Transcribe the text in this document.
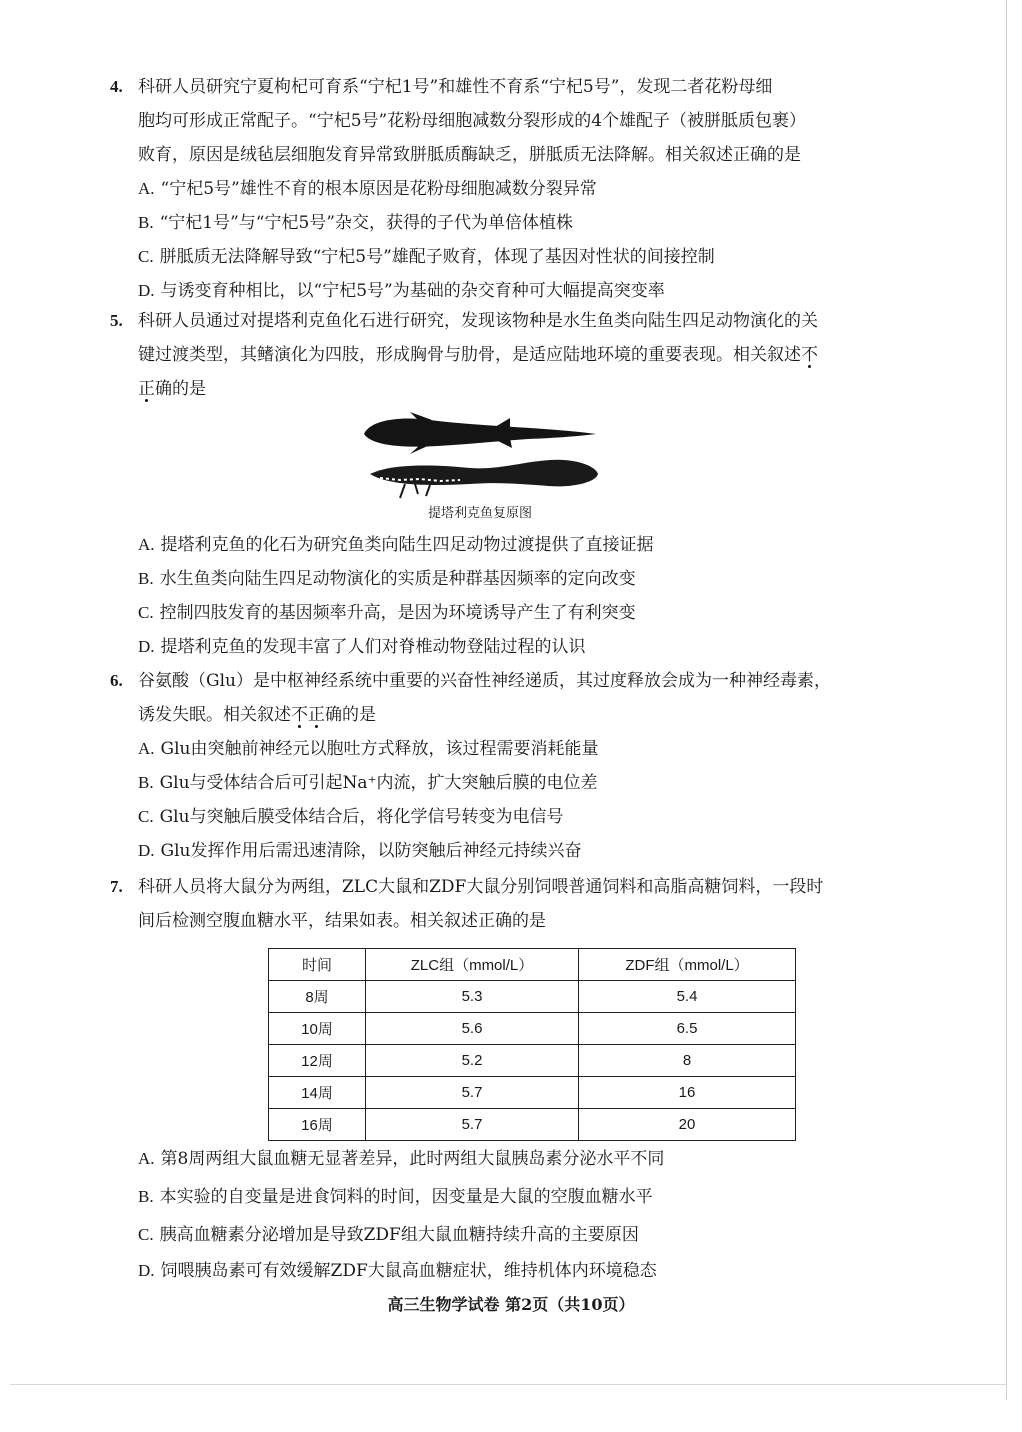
4. 科研人员研究宁夏枸杞可育系“宁杞1号”和雄性不育系“宁杞5号”，发现二者花粉母细
胞均可形成正常配子。“宁杞5号”花粉母细胞减数分裂形成的4个雄配子（被胼胝质包裹）
败育，原因是绒毡层细胞发育异常致胼胝质酶缺乏，胼胝质无法降解。相关叙述正确的是
A. “宁杞5号”雄性不育的根本原因是花粉母细胞减数分裂异常
B. “宁杞1号”与“宁杞5号”杂交，获得的子代为单倍体植株
C. 胼胝质无法降解导致“宁杞5号”雄配子败育，体现了基因对性状的间接控制
D. 与诱变育种相比，以“宁杞5号”为基础的杂交育种可大幅提高突变率
5. 科研人员通过对提塔利克鱼化石进行研究，发现该物种是水生鱼类向陆生四足动物演化的关
键过渡类型，其鳍演化为四肢，形成胸骨与肋骨，是适应陆地环境的重要表现。相关叙述不
正确的是
提塔利克鱼复原图
A. 提塔利克鱼的化石为研究鱼类向陆生四足动物过渡提供了直接证据
B. 水生鱼类向陆生四足动物演化的实质是种群基因频率的定向改变
C. 控制四肢发育的基因频率升高，是因为环境诱导产生了有利突变
D. 提塔利克鱼的发现丰富了人们对脊椎动物登陆过程的认识
6. 谷氨酸（Glu）是中枢神经系统中重要的兴奋性神经递质，其过度释放会成为一种神经毒素，
诱发失眠。相关叙述不正确的是
A. Glu由突触前神经元以胞吐方式释放，该过程需要消耗能量
B. Glu与受体结合后可引起Na⁺内流，扩大突触后膜的电位差
C. Glu与突触后膜受体结合后，将化学信号转变为电信号
D. Glu发挥作用后需迅速清除，以防突触后神经元持续兴奋
7. 科研人员将大鼠分为两组，ZLC大鼠和ZDF大鼠分别饲喂普通饲料和高脂高糖饲料，一段时
间后检测空腹血糖水平，结果如表。相关叙述正确的是
时间	ZLC组（mmol/L）	ZDF组（mmol/L）
8周	5.3	5.4
10周	5.6	6.5
12周	5.2	8
14周	5.7	16
16周	5.7	20
A. 第8周两组大鼠血糖无显著差异，此时两组大鼠胰岛素分泌水平不同
B. 本实验的自变量是进食饲料的时间，因变量是大鼠的空腹血糖水平
C. 胰高血糖素分泌增加是导致ZDF组大鼠血糖持续升高的主要原因
D. 饲喂胰岛素可有效缓解ZDF大鼠高血糖症状，维持机体内环境稳态
高三生物学试卷 第2页（共10页）
